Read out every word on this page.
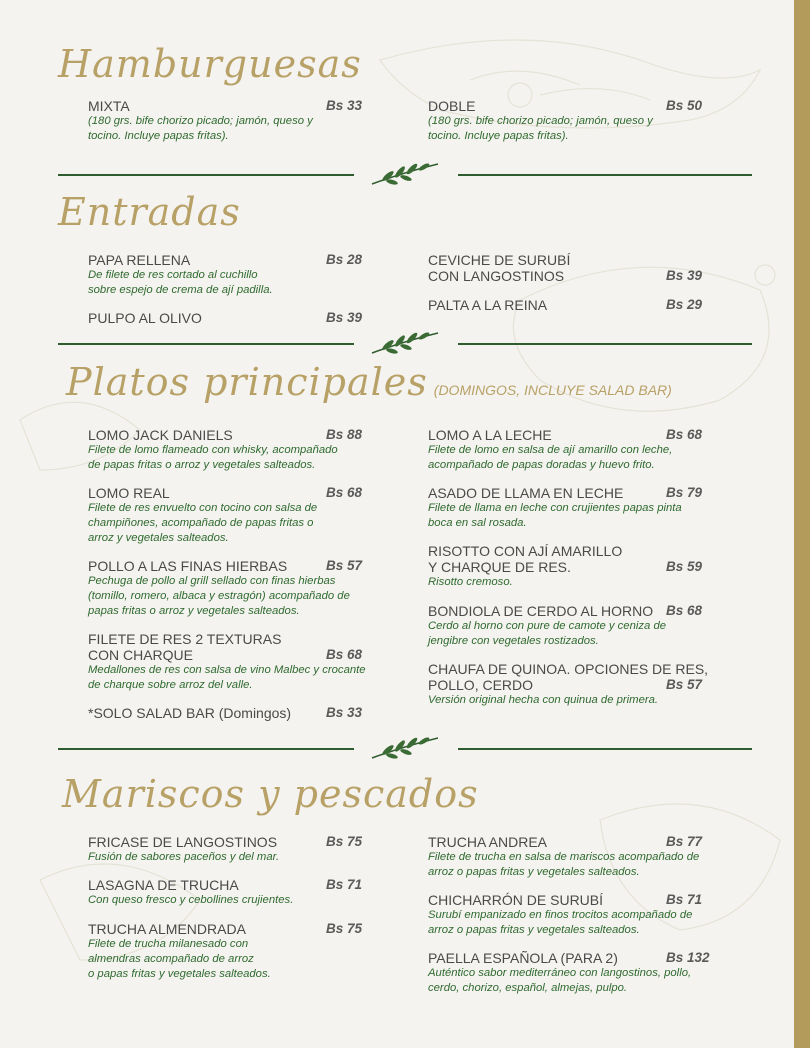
Hamburguesas
MIXTA	Bs 33
(180 grs. bife chorizo picado; jamón, queso y
tocino. Incluye papas fritas).
DOBLE	Bs 50
(180 grs. bife chorizo picado; jamón, queso y
tocino. Incluye papas fritas).
Entradas
PAPA RELLENA	Bs 28
De filete de res cortado al cuchillo
sobre espejo de crema de ají padilla.
PULPO AL OLIVO	Bs 39
CEVICHE DE SURUBÍ
CON LANGOSTINOS	Bs 39
PALTA A LA REINA	Bs 29
Platos principales (DOMINGOS, INCLUYE SALAD BAR)
LOMO JACK DANIELS	Bs 88
Filete de lomo flameado con whisky, acompañado
de papas fritas o arroz y vegetales salteados.
LOMO REAL	Bs 68
Filete de res envuelto con tocino con salsa de
champiñones, acompañado de papas fritas o
arroz y vegetales salteados.
POLLO A LAS FINAS HIERBAS	Bs 57
Pechuga de pollo al grill sellado con finas hierbas
(tomillo, romero, albaca y estragón) acompañado de
papas fritas o arroz y vegetales salteados.
FILETE DE RES 2 TEXTURAS
CON CHARQUE	Bs 68
Medallones de res con salsa de vino Malbec y crocante
de charque sobre arroz del valle.
*SOLO SALAD BAR (Domingos)	Bs 33
LOMO A LA LECHE	Bs 68
Filete de lomo en salsa de ají amarillo con leche,
acompañado de papas doradas y huevo frito.
ASADO DE LLAMA EN LECHE	Bs 79
Filete de llama en leche con crujientes papas pinta
boca en sal rosada.
RISOTTO CON AJÍ AMARILLO
Y CHARQUE DE RES.	Bs 59
Risotto cremoso.
BONDIOLA DE CERDO AL HORNO Bs 68
Cerdo al horno con pure de camote y ceniza de
jengibre con vegetales rostizados.
CHAUFA DE QUINOA. OPCIONES DE RES,
POLLO, CERDO	Bs 57
Versión original hecha con quinua de primera.
Mariscos y pescados
FRICASE DE LANGOSTINOS	Bs 75
Fusión de sabores paceños y del mar.
LASAGNA DE TRUCHA	Bs 71
Con queso fresco y cebollines crujientes.
TRUCHA ALMENDRADA	Bs 75
Filete de trucha milanesado con
almendras acompañado de arroz
o papas fritas y vegetales salteados.
TRUCHA ANDREA	Bs 77
Filete de trucha en salsa de mariscos acompañado de
arroz o papas fritas y vegetales salteados.
CHICHARRÓN DE SURUBÍ	Bs 71
Surubí empanizado en finos trocitos acompañado de
arroz o papas fritas y vegetales salteados.
PAELLA ESPAÑOLA (PARA 2)	Bs 132
Auténtico sabor mediterráneo con langostinos, pollo,
cerdo, chorizo, español, almejas, pulpo.
